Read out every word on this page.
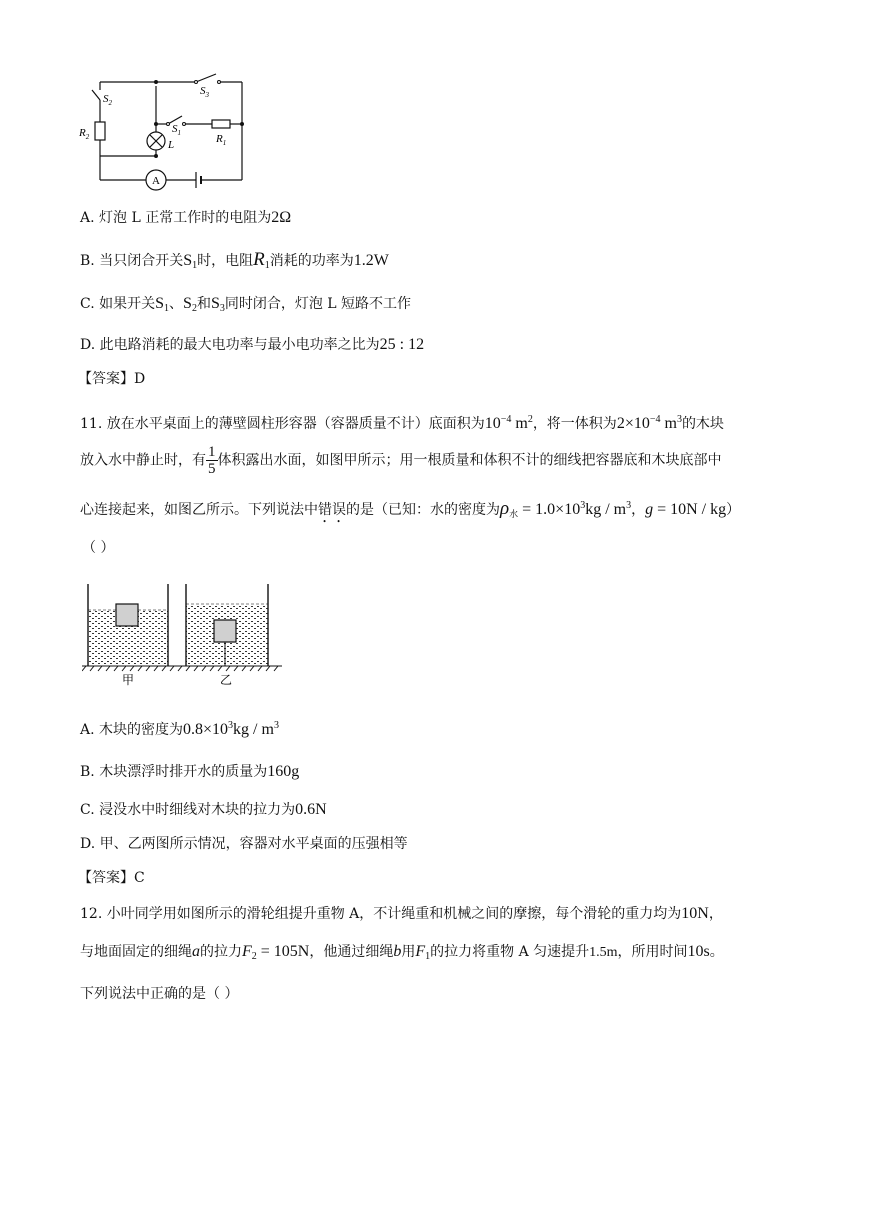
$S_2$
$S_3$
$S_1$
$R_2$	$R_1$
L
A
A. 灯泡 L 正常工作时的电阻为2Ω
B. 当只闭合开关$S_1$时，电阻$R_1$消耗的功率为1.2W
C. 如果开关$S_1$、$S_2$和$S_3$同时闭合，灯泡 L 短路不工作
D. 此电路消耗的最大电功率与最小电功率之比为25 : 12
【答案】D
11. 放在水平桌面上的薄壁圆柱形容器（容器质量不计）底面积为$10^{-4}$ $m^2$，将一体积为$2\times 10^{-4}$ $m^3$的木块
放入水中静止时，有 $\frac{1}{5}$ 体积露出水面，如图甲所示；用一根质量和体积不计的细线把容器底和木块底部中
心连接起来，如图乙所示。下列说法中错误的是（已知：水的密度为$\rho_水 = 1.0\times 10^3kg / m^3$，g = 10N / kg）
（ ）
甲	乙
A. 木块的密度为$0.8\times 10^3kg / m^3$
B. 木块漂浮时排开水的质量为160g
C. 浸没水中时细线对木块的拉力为0.6N
D. 甲、乙两图所示情况，容器对水平桌面的压强相等
【答案】C
12. 小叶同学用如图所示的滑轮组提升重物 A，不计绳重和机械之间的摩擦，每个滑轮的重力均为10N，
与地面固定的细绳a的拉力$F_2 = 105N$，他通过细绳b用$F_1$的拉力将重物 A 匀速提升1.5m，所用时间10s。
下列说法中正确的是（ ）
